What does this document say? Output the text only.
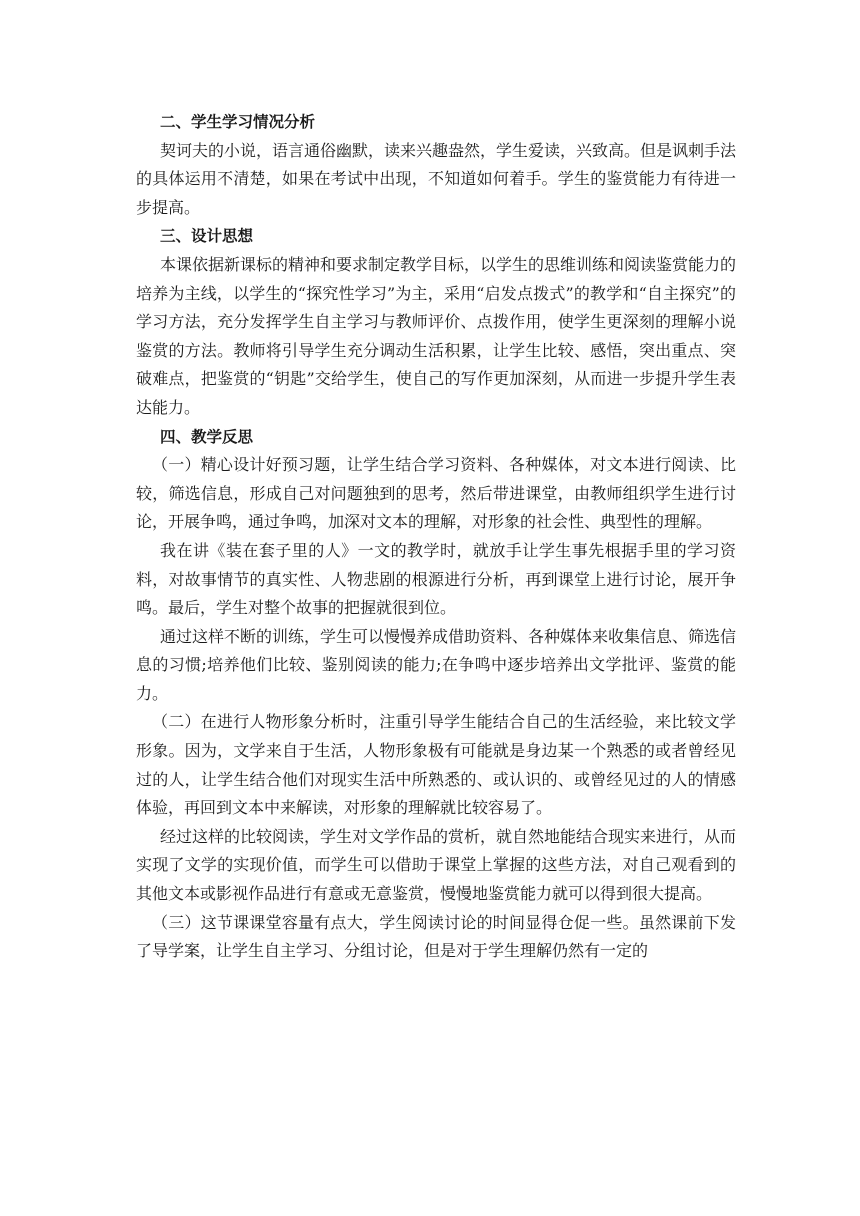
二、学生学习情况分析

契诃夫的小说，语言通俗幽默，读来兴趣盎然，学生爱读，兴致高。但是讽刺手法的具体运用不清楚，如果在考试中出现，不知道如何着手。学生的鉴赏能力有待进一步提高。

三、设计思想

本课依据新课标的精神和要求制定教学目标，以学生的思维训练和阅读鉴赏能力的培养为主线，以学生的“探究性学习”为主，采用“启发点拨式”的教学和“自主探究”的学习方法，充分发挥学生自主学习与教师评价、点拨作用，使学生更深刻的理解小说鉴赏的方法。教师将引导学生充分调动生活积累，让学生比较、感悟，突出重点、突破难点，把鉴赏的“钥匙”交给学生，使自己的写作更加深刻，从而进一步提升学生表达能力。

四、教学反思

（一）精心设计好预习题，让学生结合学习资料、各种媒体，对文本进行阅读、比较，筛选信息，形成自己对问题独到的思考，然后带进课堂，由教师组织学生进行讨论，开展争鸣，通过争鸣，加深对文本的理解，对形象的社会性、典型性的理解。

我在讲《装在套子里的人》一文的教学时，就放手让学生事先根据手里的学习资料，对故事情节的真实性、人物悲剧的根源进行分析，再到课堂上进行讨论，展开争鸣。最后，学生对整个故事的把握就很到位。

通过这样不断的训练，学生可以慢慢养成借助资料、各种媒体来收集信息、筛选信息的习惯;培养他们比较、鉴别阅读的能力;在争鸣中逐步培养出文学批评、鉴赏的能力。

（二）在进行人物形象分析时，注重引导学生能结合自己的生活经验，来比较文学形象。因为，文学来自于生活，人物形象极有可能就是身边某一个熟悉的或者曾经见过的人，让学生结合他们对现实生活中所熟悉的、或认识的、或曾经见过的人的情感体验，再回到文本中来解读，对形象的理解就比较容易了。

经过这样的比较阅读，学生对文学作品的赏析，就自然地能结合现实来进行，从而实现了文学的实现价值，而学生可以借助于课堂上掌握的这些方法，对自己观看到的其他文本或影视作品进行有意或无意鉴赏，慢慢地鉴赏能力就可以得到很大提高。

（三）这节课课堂容量有点大，学生阅读讨论的时间显得仓促一些。虽然课前下发了导学案，让学生自主学习、分组讨论，但是对于学生理解仍然有一定的
